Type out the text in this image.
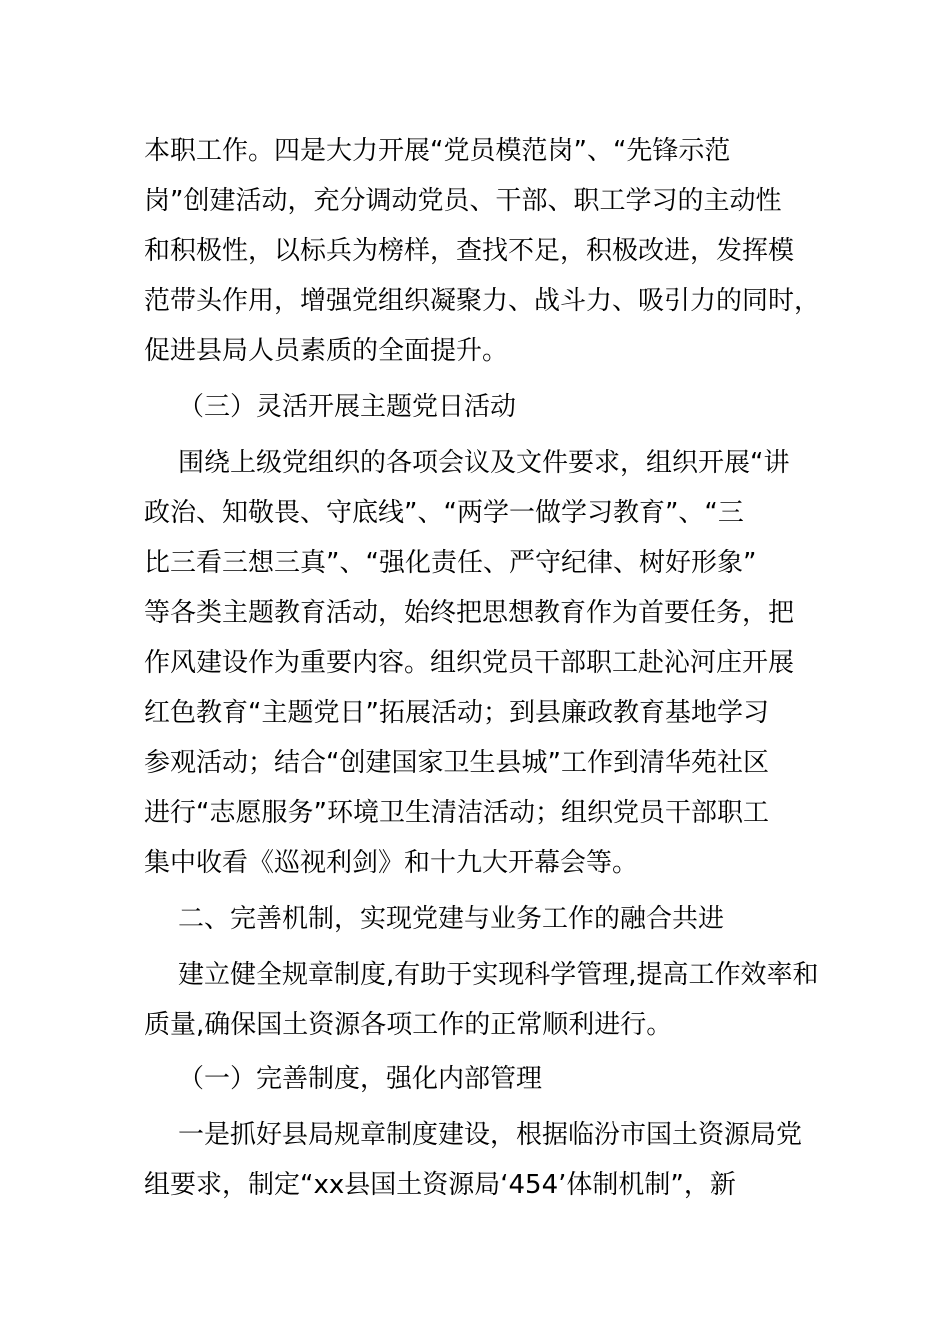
本职工作。四是大力开展“党员模范岗”、“先锋示范
岗”创建活动，充分调动党员、干部、职工学习的主动性
和积极性，以标兵为榜样，查找不足，积极改进，发挥模
范带头作用，增强党组织凝聚力、战斗力、吸引力的同时，
促进县局人员素质的全面提升。
（三）灵活开展主题党日活动
围绕上级党组织的各项会议及文件要求，组织开展“讲
政治、知敬畏、守底线”、“两学一做学习教育”、“三
比三看三想三真”、“强化责任、严守纪律、树好形象”
等各类主题教育活动，始终把思想教育作为首要任务，把
作风建设作为重要内容。组织党员干部职工赴沁河庄开展
红色教育“主题党日”拓展活动；到县廉政教育基地学习
参观活动；结合“创建国家卫生县城”工作到清华苑社区
进行“志愿服务”环境卫生清洁活动；组织党员干部职工
集中收看《巡视利剑》和十九大开幕会等。
二、完善机制，实现党建与业务工作的融合共进
建立健全规章制度,有助于实现科学管理,提高工作效率和
质量,确保国土资源各项工作的正常顺利进行。
（一）完善制度，强化内部管理
一是抓好县局规章制度建设，根据临汾市国土资源局党
组要求，制定“xx县国土资源局‘454’体制机制”，新
